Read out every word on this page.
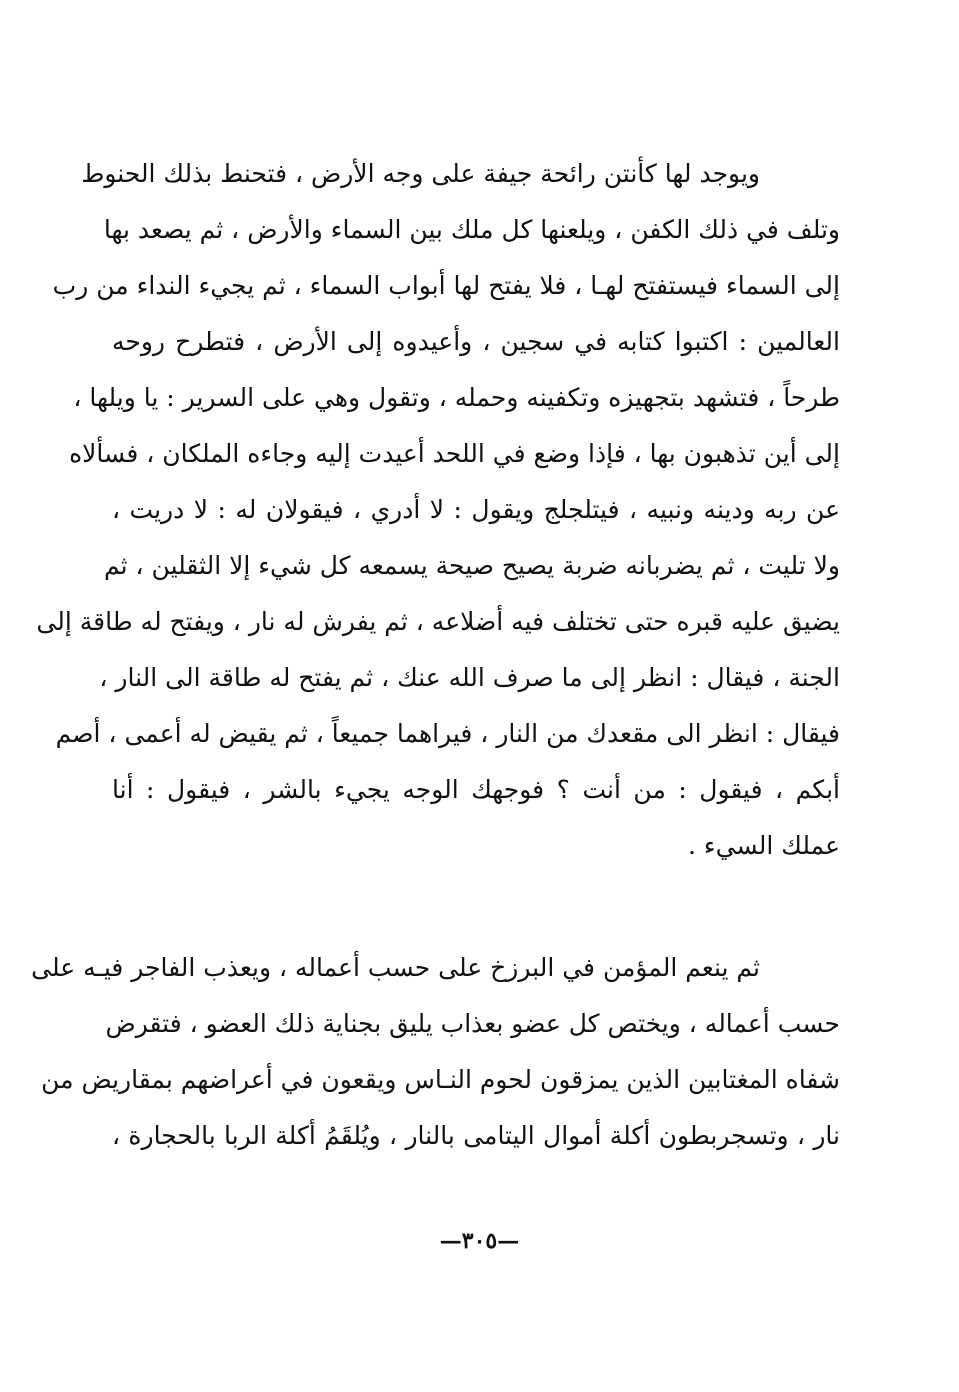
ويوجد لها كأنتن رائحة جيفة على وجه الأرض ، فتحنط بذلك الحنوط
وتلف في ذلك الكفن ، ويلعنها كل ملك بين السماء والأرض ، ثم يصعد بها
إلى السماء فيستفتح لهـا ، فلا يفتح لها أبواب السماء ، ثم يجيء النداء من رب
العالمين : اكتبوا كتابه في سجين ، وأعيدوه إلى الأرض ، فتطرح روحه
طرحاً ، فتشهد بتجهيزه وتكفينه وحمله ، وتقول وهي على السرير : يا ويلها ،
إلى أين تذهبون بها ، فإذا وضع في اللحد أعيدت إليه وجاءه الملكان ، فسألاه
عن ربه ودينه ونبيه ، فيتلجلج ويقول : لا أدري ، فيقولان له : لا دريت ،
ولا تليت ، ثم يضربانه ضربة يصيح صيحة يسمعه كل شيء إلا الثقلين ، ثم
يضيق عليه قبره حتى تختلف فيه أضلاعه ، ثم يفرش له نار ، ويفتح له طاقة إلى
الجنة ، فيقال : انظر إلى ما صرف الله عنك ، ثم يفتح له طاقة الى النار ،
فيقال : انظر الى مقعدك من النار ، فيراهما جميعاً ، ثم يقيض له أعمى ، أصم
أبكم ، فيقول : من أنت ؟ فوجهك الوجه يجيء بالشر ، فيقول : أنا
عملك السيء .
ثم ينعم المؤمن في البرزخ على حسب أعماله ، ويعذب الفاجر فيـه على
حسب أعماله ، ويختص كل عضو بعذاب يليق بجناية ذلك العضو ، فتقرض
شفاه المغتابين الذين يمزقون لحوم النـاس ويقعون في أعراضهم بمقاريض من
نار ، وتسجربطون أكلة أموال اليتامى بالنار ، ويُلقَمُ أكلة الربا بالحجارة ،
—٣٠٥—
